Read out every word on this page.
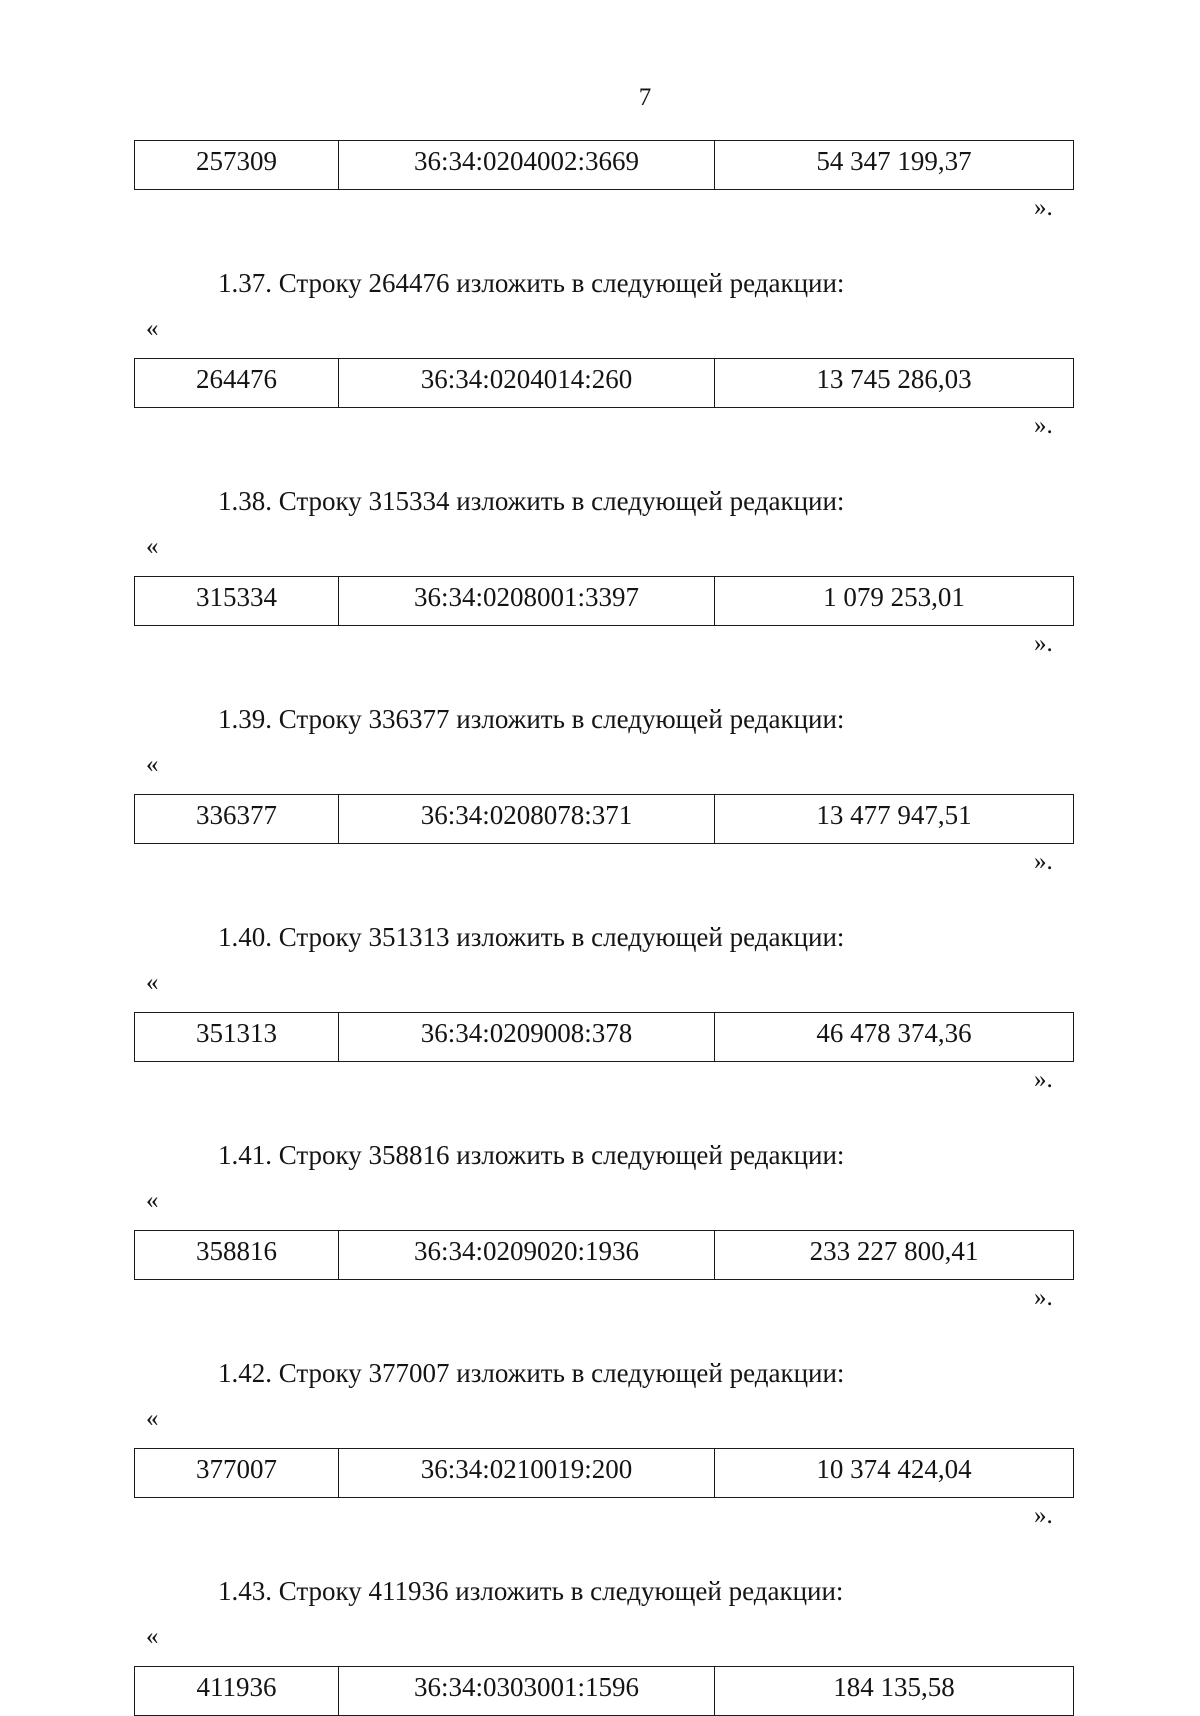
7
257309	36:34:0204002:3669	54 347 199,37
».
1.37. Строку 264476 изложить в следующей редакции:
«
264476	36:34:0204014:260	13 745 286,03
».
1.38. Строку 315334 изложить в следующей редакции:
«
315334	36:34:0208001:3397	1 079 253,01
».
1.39. Строку 336377 изложить в следующей редакции:
«
336377	36:34:0208078:371	13 477 947,51
».
1.40. Строку 351313 изложить в следующей редакции:
«
351313	36:34:0209008:378	46 478 374,36
».
1.41. Строку 358816 изложить в следующей редакции:
«
358816	36:34:0209020:1936	233 227 800,41
».
1.42. Строку 377007 изложить в следующей редакции:
«
377007	36:34:0210019:200	10 374 424,04
».
1.43. Строку 411936 изложить в следующей редакции:
«
411936	36:34:0303001:1596	184 135,58
